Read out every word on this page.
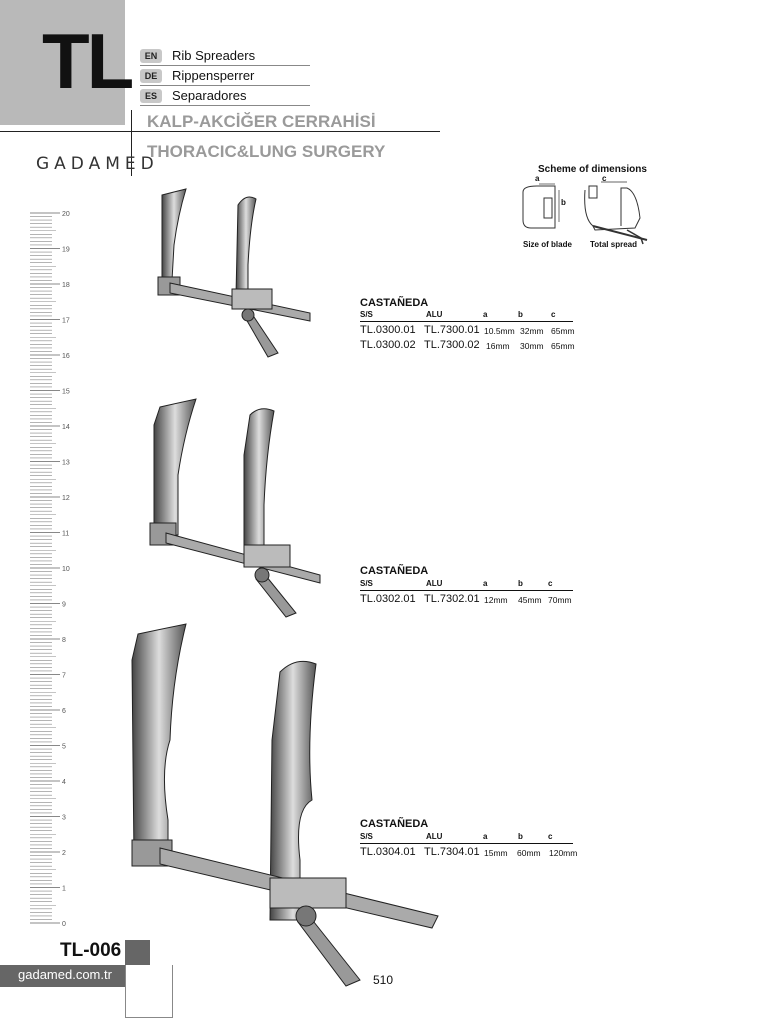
TL	EN	Rib Spreaders
DE	Rippensperrer
ES	Separadores
KALP-AKCİĞER CERRAHİSİ
THORACIC&LUNG SURGERY
GADAMED	Scheme of dimensions
a
b
c
Size of blade Total spread
20
19
18
17
16
15
14
13
12
11
10
9
8
7
6
5
4
3
2
1
0
CASTAÑEDA
S/S	ALU	a	b	c
TL.0300.01 TL.7300.01 10.5mm 32mm 65mm
TL.0300.02 TL.7300.02 16mm 30mm 65mm
CASTAÑEDA
S/S	ALU	a	b	c
TL.0302.01 TL.7302.01 12mm 45mm 70mm
CASTAÑEDA
S/S	ALU	a	b	c
TL.0304.01 TL.7304.01 15mm 60mm 120mm
TL-006
gadamed.com.tr	510
